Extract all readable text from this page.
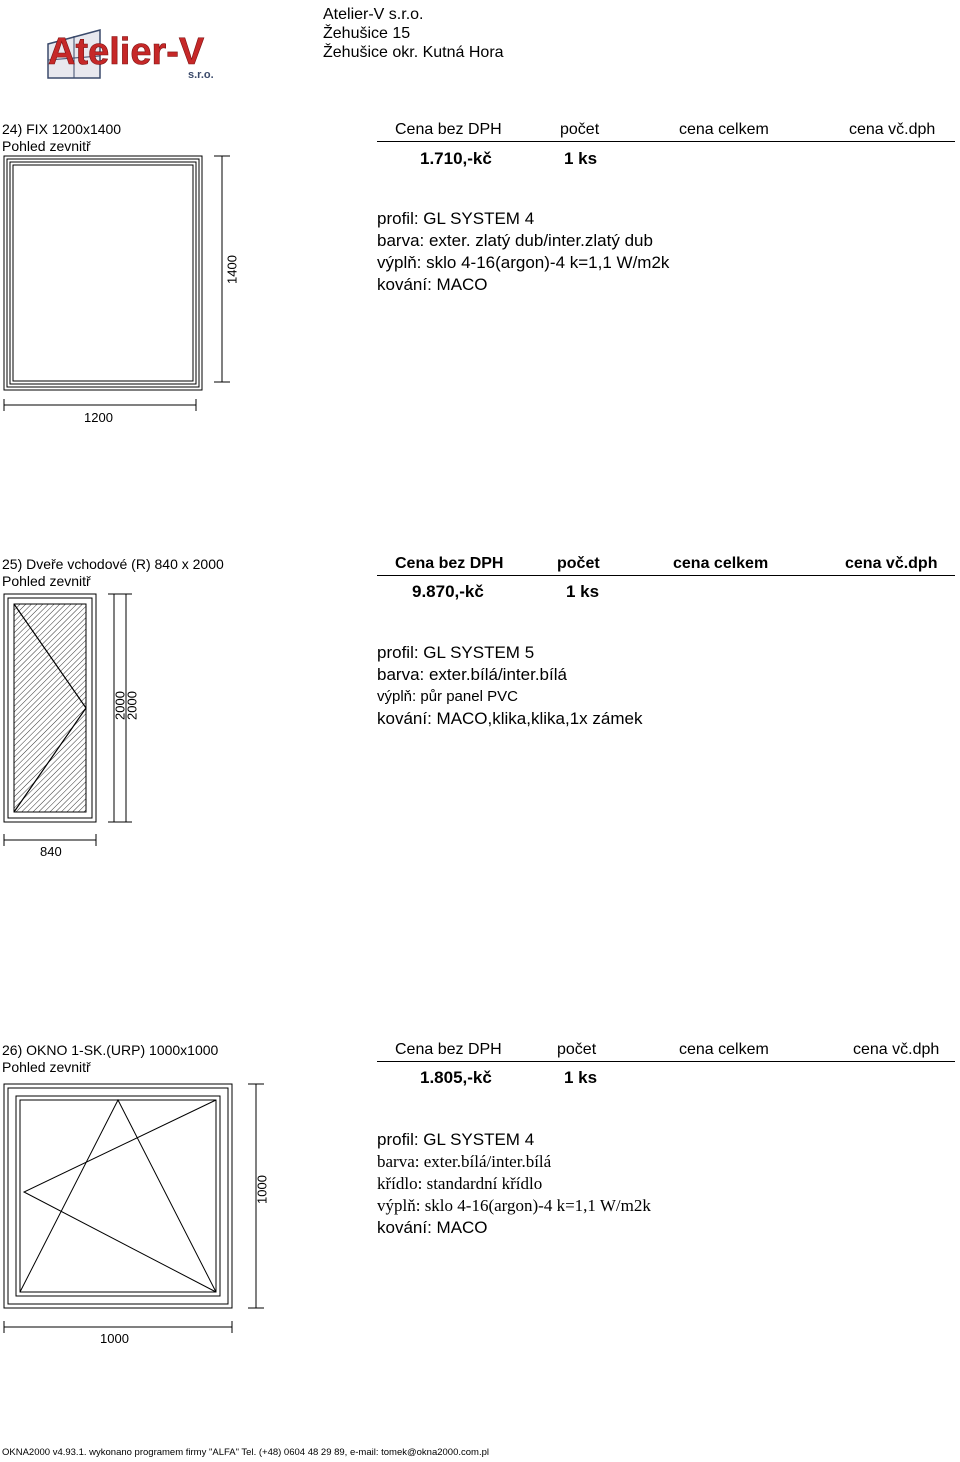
Atelier-V
s.r.o.
Atelier-V s.r.o.
Žehušice 15
Žehušice okr. Kutná Hora
24) FIX 1200x1400
Pohled zevnitř
Cena bez DPH	počet	cena celkem	cena vč.dph
1.710,-kč	1 ks
profil: GL SYSTEM 4
barva: exter. zlatý dub/inter.zlatý dub
výplň: sklo 4-16(argon)-4 k=1,1 W/m2k
kování: MACO
1400
1200
25) Dveře vchodové (R) 840 x 2000
Pohled zevnitř
Cena bez DPH	počet	cena celkem	cena vč.dph
9.870,-kč	1 ks
profil: GL SYSTEM 5
barva: exter.bílá/inter.bílá
výplň: půr panel PVC
kování: MACO,klika,klika,1x zámek
2000
2000
840
26) OKNO 1-SK.(URP) 1000x1000
Pohled zevnitř
Cena bez DPH	počet	cena celkem	cena vč.dph
1.805,-kč	1 ks
profil: GL SYSTEM 4
barva: exter.bílá/inter.bílá
křídlo: standardní křídlo
výplň: sklo 4-16(argon)-4 k=1,1 W/m2k
kování: MACO
1000
1000
OKNA2000 v4.93.1. wykonano programem firmy "ALFA" Tel. (+48) 0604 48 29 89, e-mail: tomek@okna2000.com.pl
